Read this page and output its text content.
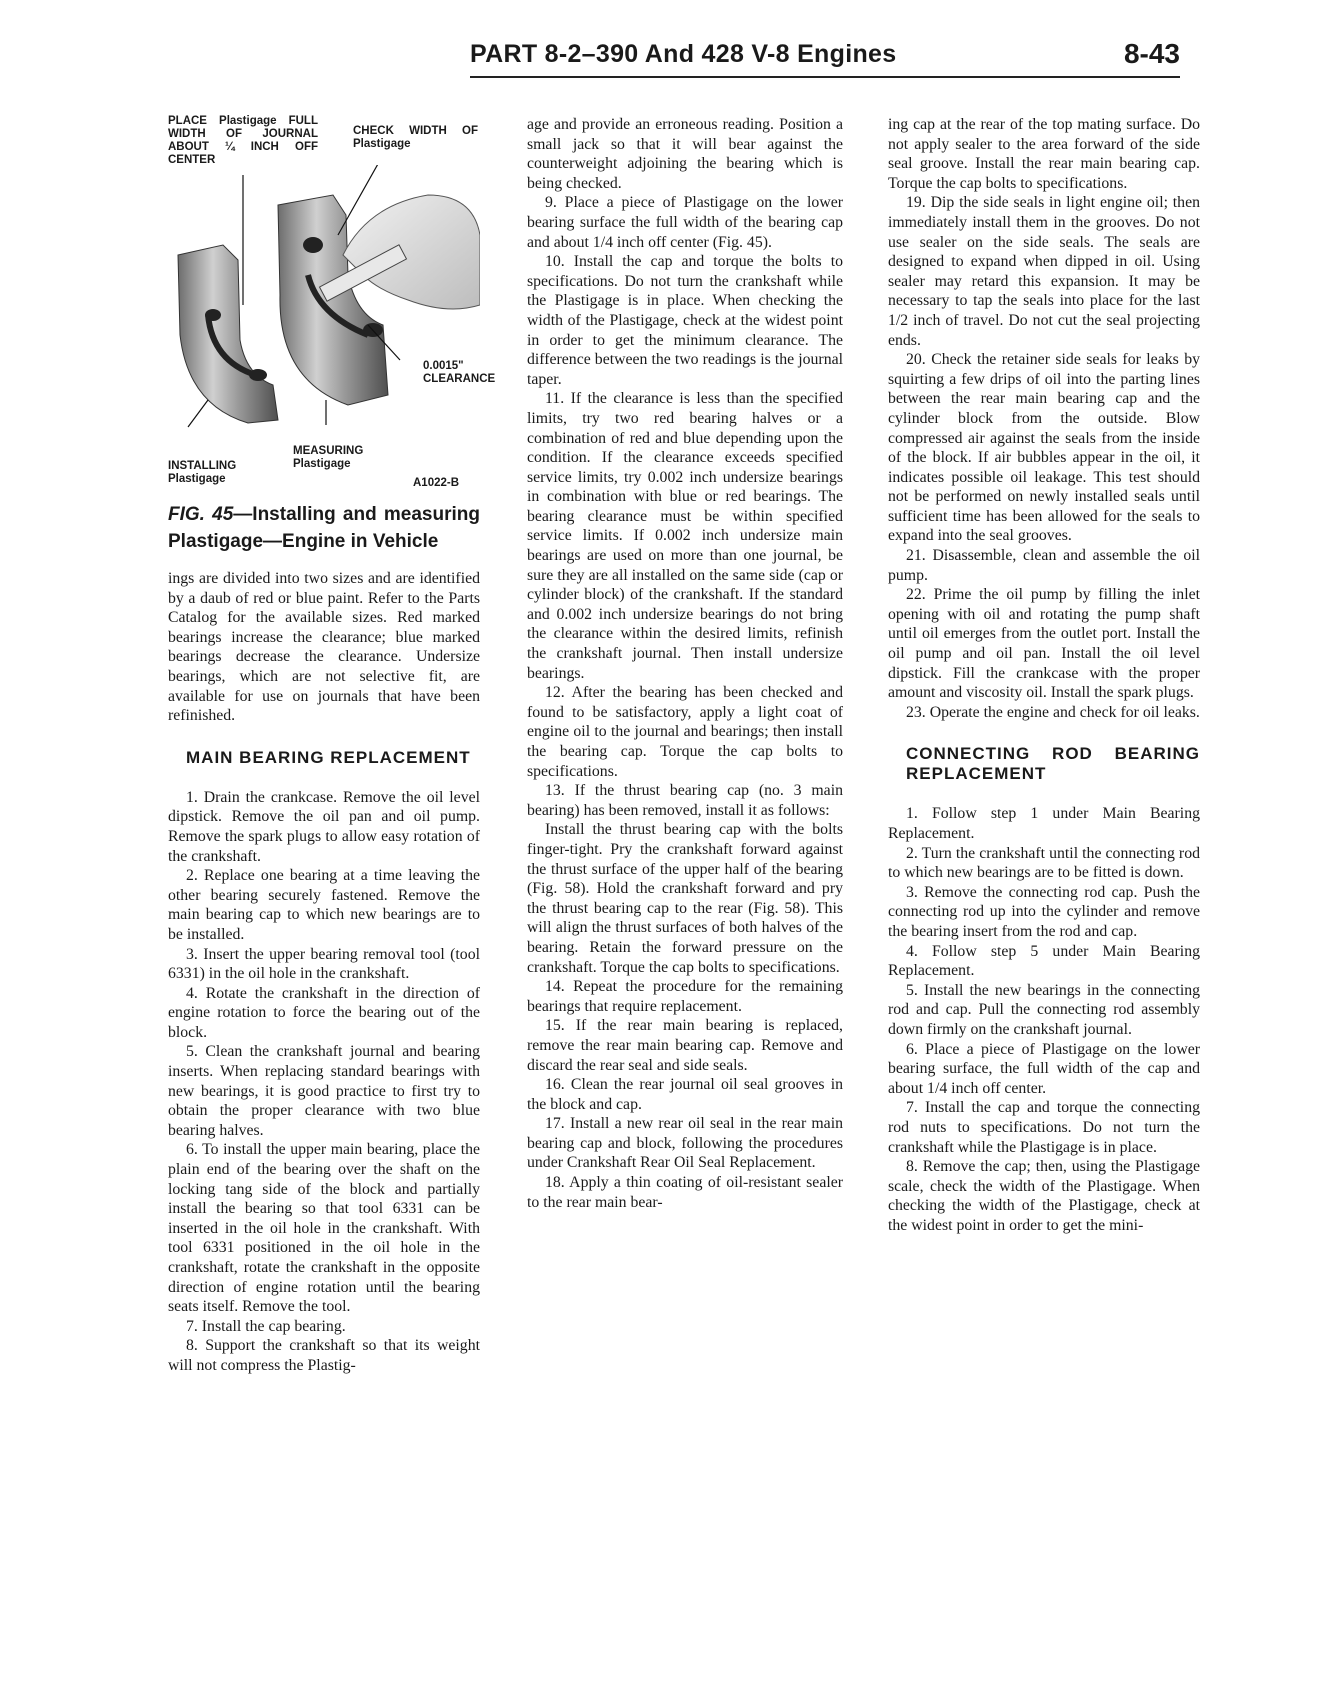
PART 8-2–390 And 428 V-8 Engines	8-43
PLACE Plastigage FULL WIDTH OF JOURNAL ABOUT ¼ INCH OFF CENTER
CHECK WIDTH OF Plastigage
0.0015" CLEARANCE
MEASURING Plastigage
INSTALLING Plastigage	A1022-B
FIG. 45—Installing and measuring Plastigage—Engine in Vehicle

ings are divided into two sizes and are identified by a daub of red or blue paint. Refer to the Parts Catalog for the available sizes. Red marked bearings increase the clearance; blue marked bearings decrease the clearance. Undersize bearings, which are not selective fit, are available for use on journals that have been refinished.

MAIN BEARING REPLACEMENT

1. Drain the crankcase. Remove the oil level dipstick. Remove the oil pan and oil pump. Remove the spark plugs to allow easy rotation of the crankshaft.

2. Replace one bearing at a time leaving the other bearing securely fastened. Remove the main bearing cap to which new bearings are to be installed.

3. Insert the upper bearing removal tool (tool 6331) in the oil hole in the crankshaft.

4. Rotate the crankshaft in the direction of engine rotation to force the bearing out of the block.

5. Clean the crankshaft journal and bearing inserts. When replacing standard bearings with new bearings, it is good practice to first try to obtain the proper clearance with two blue bearing halves.

6. To install the upper main bearing, place the plain end of the bearing over the shaft on the locking tang side of the block and partially install the bearing so that tool 6331 can be inserted in the oil hole in the crankshaft. With tool 6331 positioned in the oil hole in the crankshaft, rotate the crankshaft in the opposite direction of engine rotation until the bearing seats itself. Remove the tool.

7. Install the cap bearing.

8. Support the crankshaft so that its weight will not compress the Plastig-

age and provide an erroneous reading. Position a small jack so that it will bear against the counterweight adjoining the bearing which is being checked.

9. Place a piece of Plastigage on the lower bearing surface the full width of the bearing cap and about 1/4 inch off center (Fig. 45).

10. Install the cap and torque the bolts to specifications. Do not turn the crankshaft while the Plastigage is in place. When checking the width of the Plastigage, check at the widest point in order to get the minimum clearance. The difference between the two readings is the journal taper.

11. If the clearance is less than the specified limits, try two red bearing halves or a combination of red and blue depending upon the condition. If the clearance exceeds specified service limits, try 0.002 inch undersize bearings in combination with blue or red bearings. The bearing clearance must be within specified service limits. If 0.002 inch undersize main bearings are used on more than one journal, be sure they are all installed on the same side (cap or cylinder block) of the crankshaft. If the standard and 0.002 inch undersize bearings do not bring the clearance within the desired limits, refinish the crankshaft journal. Then install undersize bearings.

12. After the bearing has been checked and found to be satisfactory, apply a light coat of engine oil to the journal and bearings; then install the bearing cap. Torque the cap bolts to specifications.

13. If the thrust bearing cap (no. 3 main bearing) has been removed, install it as follows:

Install the thrust bearing cap with the bolts finger-tight. Pry the crankshaft forward against the thrust surface of the upper half of the bearing (Fig. 58). Hold the crankshaft forward and pry the thrust bearing cap to the rear (Fig. 58). This will align the thrust surfaces of both halves of the bearing. Retain the forward pressure on the crankshaft. Torque the cap bolts to specifications.

14. Repeat the procedure for the remaining bearings that require replacement.

15. If the rear main bearing is replaced, remove the rear main bearing cap. Remove and discard the rear seal and side seals.

16. Clean the rear journal oil seal grooves in the block and cap.

17. Install a new rear oil seal in the rear main bearing cap and block, following the procedures under Crankshaft Rear Oil Seal Replacement.

18. Apply a thin coating of oil-resistant sealer to the rear main bear-

ing cap at the rear of the top mating surface. Do not apply sealer to the area forward of the side seal groove. Install the rear main bearing cap. Torque the cap bolts to specifications.

19. Dip the side seals in light engine oil; then immediately install them in the grooves. Do not use sealer on the side seals. The seals are designed to expand when dipped in oil. Using sealer may retard this expansion. It may be necessary to tap the seals into place for the last 1/2 inch of travel. Do not cut the seal projecting ends.

20. Check the retainer side seals for leaks by squirting a few drips of oil into the parting lines between the rear main bearing cap and the cylinder block from the outside. Blow compressed air against the seals from the inside of the block. If air bubbles appear in the oil, it indicates possible oil leakage. This test should not be performed on newly installed seals until sufficient time has been allowed for the seals to expand into the seal grooves.

21. Disassemble, clean and assemble the oil pump.

22. Prime the oil pump by filling the inlet opening with oil and rotating the pump shaft until oil emerges from the outlet port. Install the oil pump and oil pan. Install the oil level dipstick. Fill the crankcase with the proper amount and viscosity oil. Install the spark plugs.

23. Operate the engine and check for oil leaks.

CONNECTING ROD BEARING REPLACEMENT

1. Follow step 1 under Main Bearing Replacement.

2. Turn the crankshaft until the connecting rod to which new bearings are to be fitted is down.

3. Remove the connecting rod cap. Push the connecting rod up into the cylinder and remove the bearing insert from the rod and cap.

4. Follow step 5 under Main Bearing Replacement.

5. Install the new bearings in the connecting rod and cap. Pull the connecting rod assembly down firmly on the crankshaft journal.

6. Place a piece of Plastigage on the lower bearing surface, the full width of the cap and about 1/4 inch off center.

7. Install the cap and torque the connecting rod nuts to specifications. Do not turn the crankshaft while the Plastigage is in place.

8. Remove the cap; then, using the Plastigage scale, check the width of the Plastigage. When checking the width of the Plastigage, check at the widest point in order to get the mini-
